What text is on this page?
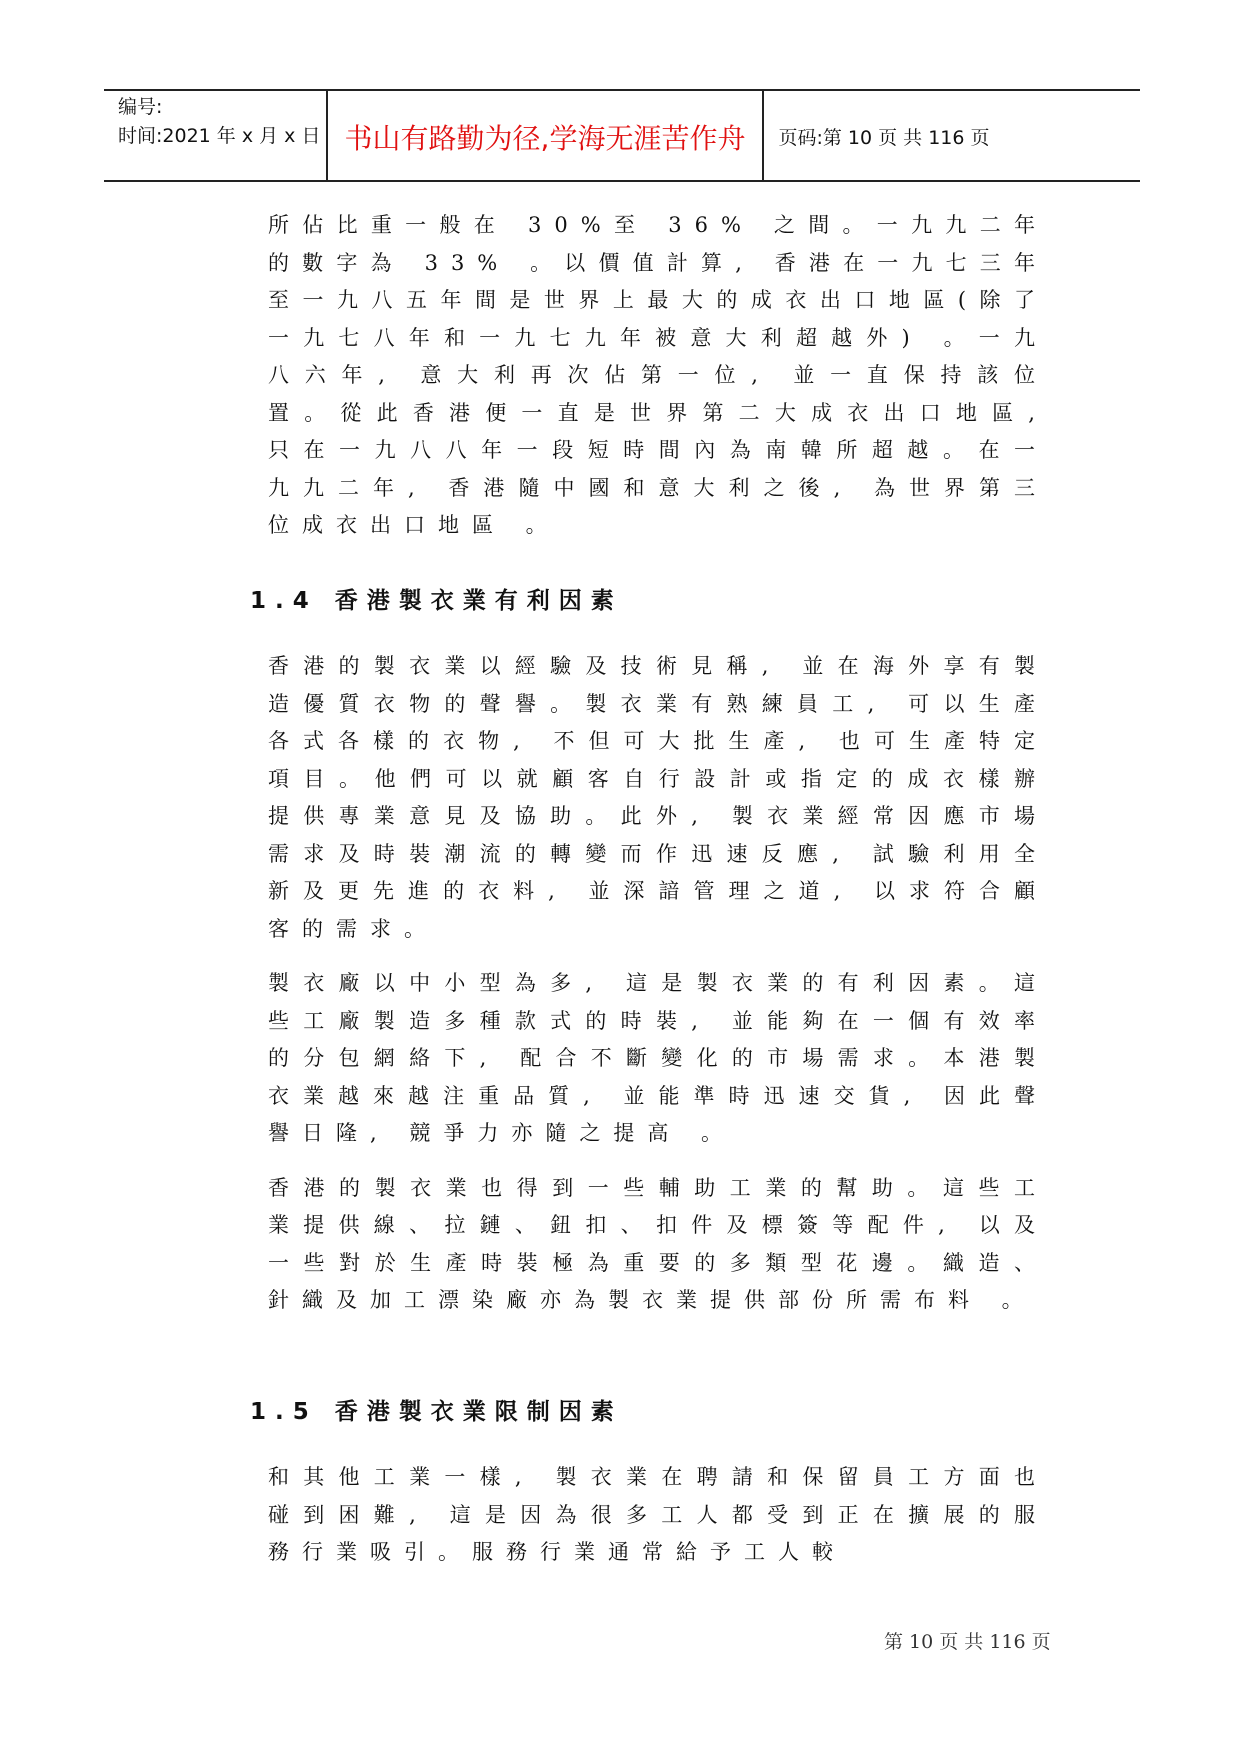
编号:
时间:2021 年 x 月 x 日 书山有路勤为径,学海无涯苦作舟	页码:第 10 页 共 116 页

所佔比重一般在 30%至 36% 之間。一九九二年的數字為 33% 。以價值計算, 香港在一九七三年至一九八五年間是世界上最大的成衣出口地區(除了一九七八年和一九七九年被意大利超越外) 。一九八六年, 意大利再次佔第一位, 並一直保持該位置。從此香港便一直是世界第二大成衣出口地區, 只在一九八八年一段短時間內為南韓所超越。在一九九二年, 香港隨中國和意大利之後, 為世界第三位成衣出口地區 。

1.4 香港製衣業有利因素

香港的製衣業以經驗及技術見稱, 並在海外享有製造優質衣物的聲譽。製衣業有熟練員工, 可以生產各式各樣的衣物, 不但可大批生產, 也可生產特定項目。他們可以就顧客自行設計或指定的成衣樣辦提供專業意見及協助。此外, 製衣業經常因應市場需求及時裝潮流的轉變而作迅速反應, 試驗利用全新及更先進的衣料, 並深諳管理之道, 以求符合顧客的需求。

製衣廠以中小型為多, 這是製衣業的有利因素。這些工廠製造多種款式的時裝, 並能夠在一個有效率的分包網絡下, 配合不斷變化的市場需求。本港製衣業越來越注重品質, 並能準時迅速交貨, 因此聲譽日隆, 競爭力亦隨之提高 。

香港的製衣業也得到一些輔助工業的幫助。這些工業提供線、拉鏈、鈕扣、扣件及標簽等配件, 以及一些對於生產時裝極為重要的多類型花邊。織造、針織及加工漂染廠亦為製衣業提供部份所需布料 。

1.5 香港製衣業限制因素

和其他工業一樣, 製衣業在聘請和保留員工方面也碰到困難, 這是因為很多工人都受到正在擴展的服務行業吸引。服務行業通常給予工人較

第 10 页 共 116 页
